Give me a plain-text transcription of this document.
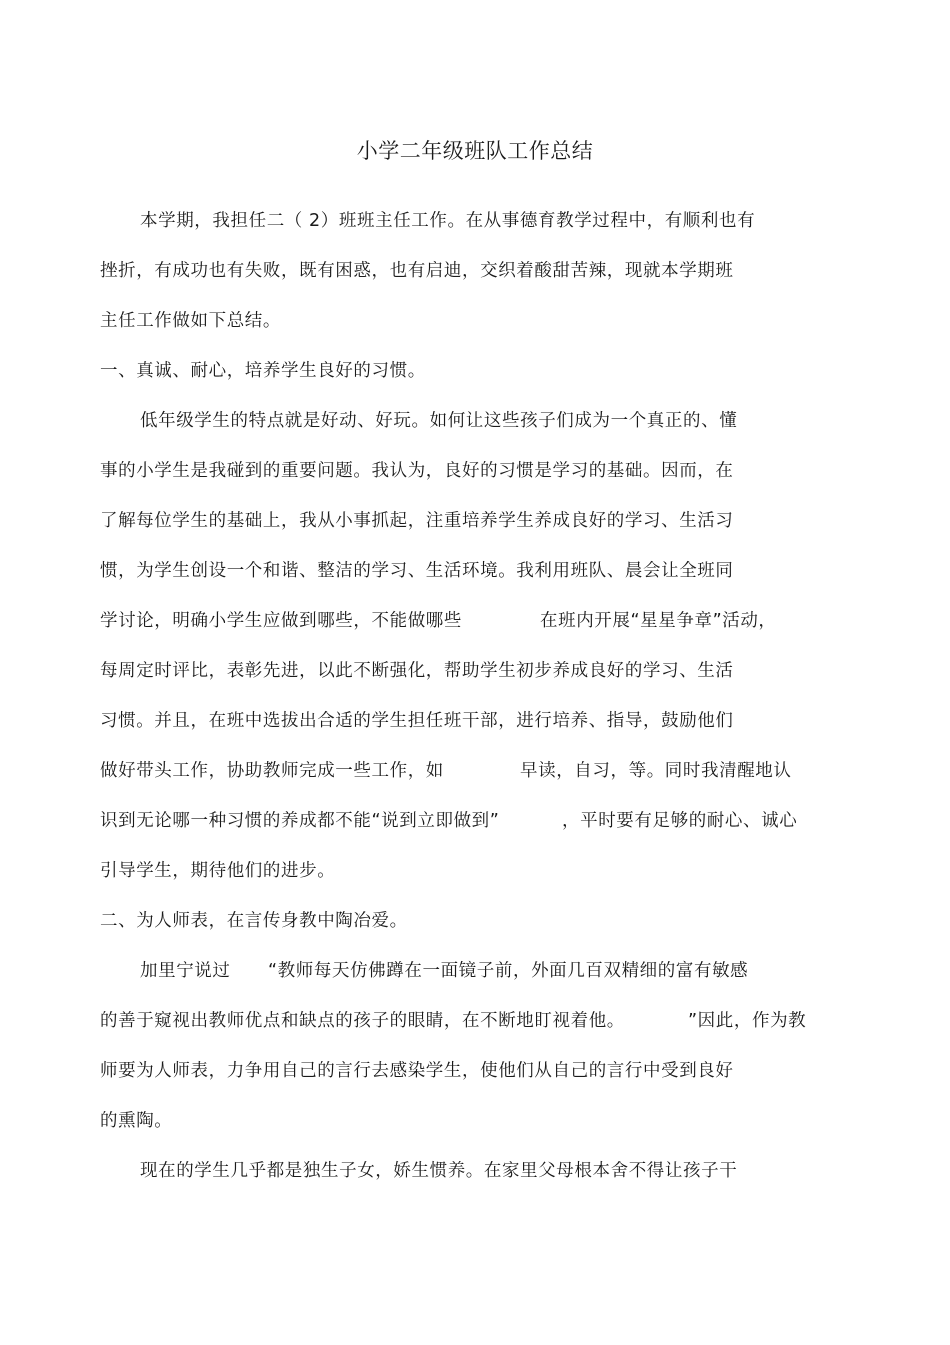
小学二年级班队工作总结
本学期，我担任二（ 2）班班主任工作。在从事德育教学过程中，有顺利也有
挫折，有成功也有失败，既有困惑，也有启迪，交织着酸甜苦辣，现就本学期班
主任工作做如下总结。
一、真诚、耐心，培养学生良好的习惯。
低年级学生的特点就是好动、好玩。如何让这些孩子们成为一个真正的、懂
事的小学生是我碰到的重要问题。我认为，良好的习惯是学习的基础。因而，在
了解每位学生的基础上，我从小事抓起，注重培养学生养成良好的学习、生活习
惯，为学生创设一个和谐、整洁的学习、生活环境。我利用班队、晨会让全班同
学讨论，明确小学生应做到哪些，不能做哪些	在班内开展“星星争章”活动，
每周定时评比，表彰先进，以此不断强化，帮助学生初步养成良好的学习、生活
习惯。并且，在班中选拔出合适的学生担任班干部，进行培养、指导，鼓励他们
做好带头工作，协助教师完成一些工作，如	早读，自习，等。同时我清醒地认
识到无论哪一种习惯的养成都不能“说到立即做到”	，平时要有足够的耐心、诚心
引导学生，期待他们的进步。
二、为人师表，在言传身教中陶冶爱。
加里宁说过 “教师每天仿佛蹲在一面镜子前，外面几百双精细的富有敏感
的善于窥视出教师优点和缺点的孩子的眼睛，在不断地盯视着他。	”因此，作为教
师要为人师表，力争用自己的言行去感染学生，使他们从自己的言行中受到良好
的熏陶。
现在的学生几乎都是独生子女，娇生惯养。在家里父母根本舍不得让孩子干
